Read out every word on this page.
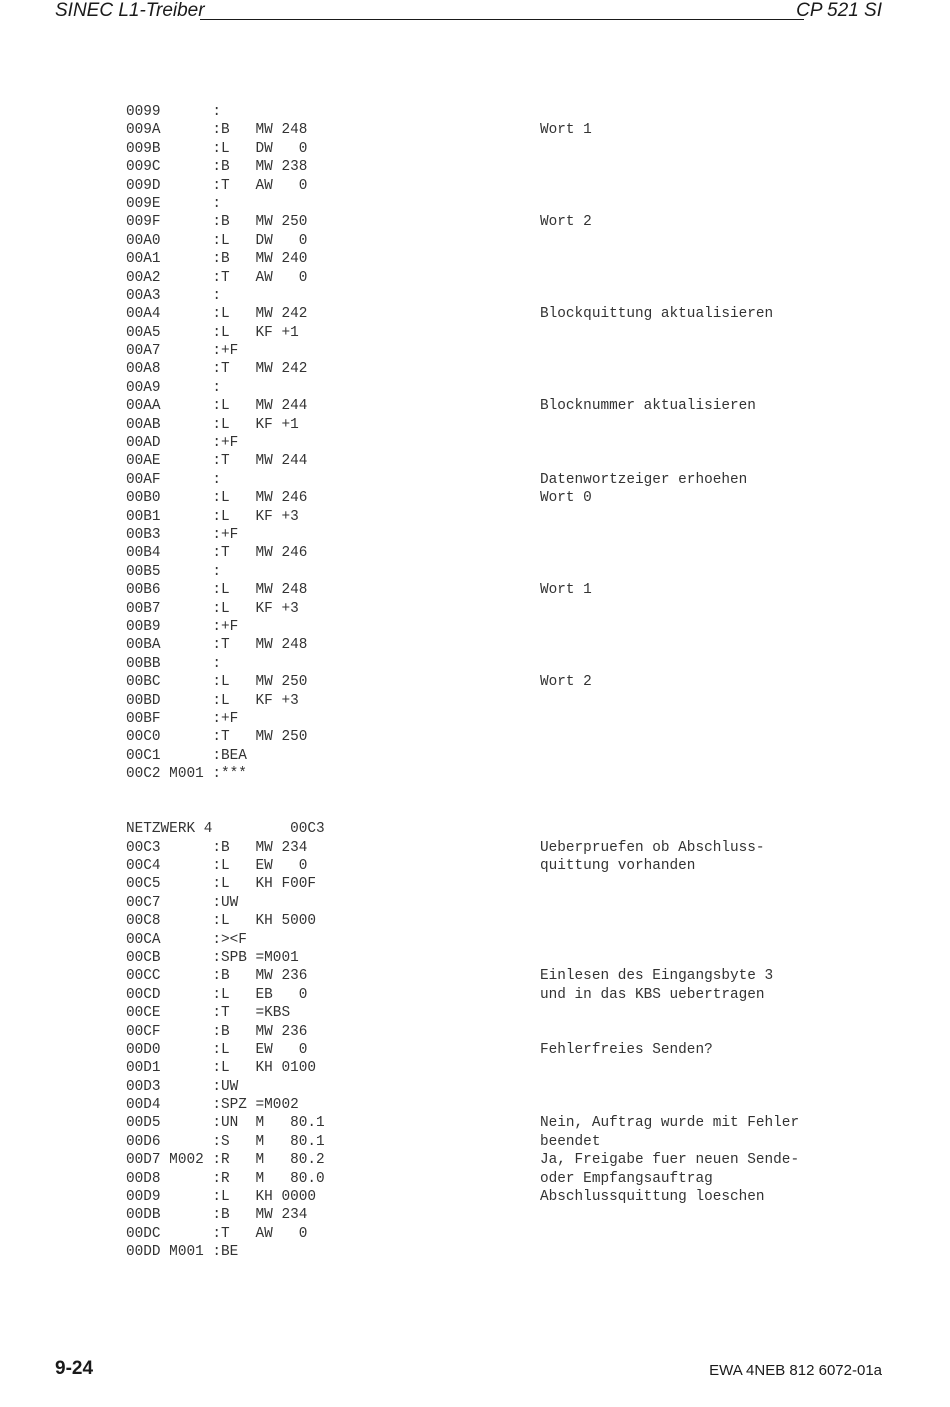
SINEC L1-Treiber	CP 521 SI
0099      :
009A      :B   MW 248	Wort 1
009B      :L   DW   0
009C      :B   MW 238
009D      :T   AW   0
009E      :
009F      :B   MW 250	Wort 2
00A0      :L   DW   0
00A1      :B   MW 240
00A2      :T   AW   0
00A3      :
00A4      :L   MW 242	Blockquittung aktualisieren
00A5      :L   KF +1
00A7      :+F
00A8      :T   MW 242
00A9      :
00AA      :L   MW 244	Blocknummer aktualisieren
00AB      :L   KF +1
00AD      :+F
00AE      :T   MW 244
00AF      :	Datenwortzeiger erhoehen
00B0      :L   MW 246	Wort 0
00B1      :L   KF +3
00B3      :+F
00B4      :T   MW 246
00B5      :
00B6      :L   MW 248	Wort 1
00B7      :L   KF +3
00B9      :+F
00BA      :T   MW 248
00BB      :
00BC      :L   MW 250	Wort 2
00BD      :L   KF +3
00BF      :+F
00C0      :T   MW 250
00C1      :BEA
00C2 M001 :***
NETZWERK 4         00C3
00C3      :B   MW 234	Ueberpruefen ob Abschluss-
00C4      :L   EW   0	quittung vorhanden
00C5      :L   KH F00F
00C7      :UW
00C8      :L   KH 5000
00CA      :><F
00CB      :SPB =M001
00CC      :B   MW 236	Einlesen des Eingangsbyte 3
00CD      :L   EB   0	und in das KBS uebertragen
00CE      :T   =KBS
00CF      :B   MW 236
00D0      :L   EW   0	Fehlerfreies Senden?
00D1      :L   KH 0100
00D3      :UW
00D4      :SPZ =M002
00D5      :UN  M   80.1	Nein, Auftrag wurde mit Fehler
00D6      :S   M   80.1	beendet
00D7 M002 :R   M   80.2	Ja, Freigabe fuer neuen Sende-
00D8      :R   M   80.0	oder Empfangsauftrag
00D9      :L   KH 0000	Abschlussquittung loeschen
00DB      :B   MW 234
00DC      :T   AW   0
00DD M001 :BE
9-24	EWA 4NEB 812 6072-01a
